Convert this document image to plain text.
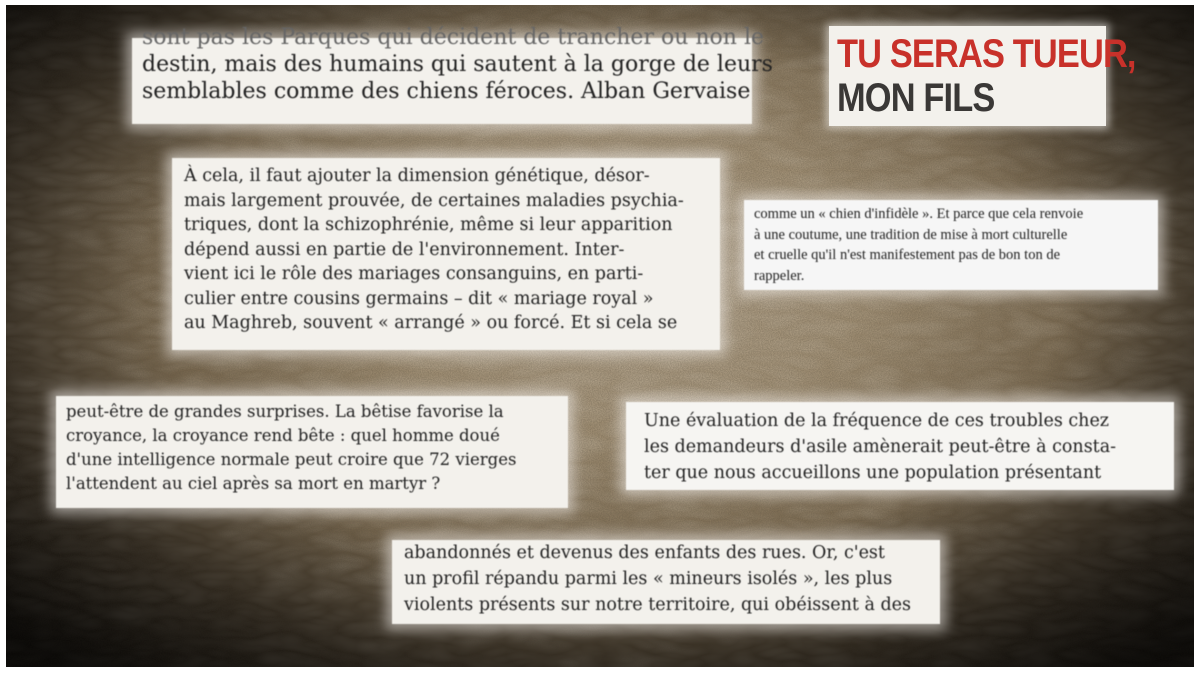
sont pas les Parques qui décident de trancher ou non le
destin, mais des humains qui sautent à la gorge de leurs
semblables comme des chiens féroces. Alban Gervaise
À cela, il faut ajouter la dimension génétique, désor-
mais largement prouvée, de certaines maladies psychia-
triques, dont la schizophrénie, même si leur apparition
dépend aussi en partie de l'environnement. Inter-
vient ici le rôle des mariages consanguins, en parti-
culier entre cousins germains – dit « mariage royal »
au Maghreb, souvent « arrangé » ou forcé. Et si cela se
comme un « chien d'infidèle ». Et parce que cela renvoie
à une coutume, une tradition de mise à mort culturelle
et cruelle qu'il n'est manifestement pas de bon ton de
rappeler.
peut-être de grandes surprises. La bêtise favorise la
croyance, la croyance rend bête : quel homme doué
d'une intelligence normale peut croire que 72 vierges
l'attendent au ciel après sa mort en martyr ?
Une évaluation de la fréquence de ces troubles chez
les demandeurs d'asile amènerait peut-être à consta-
ter que nous accueillons une population présentant
abandonnés et devenus des enfants des rues. Or, c'est
un profil répandu parmi les « mineurs isolés », les plus
violents présents sur notre territoire, qui obéissent à des
TU SERAS TUEUR,
MON FILS
